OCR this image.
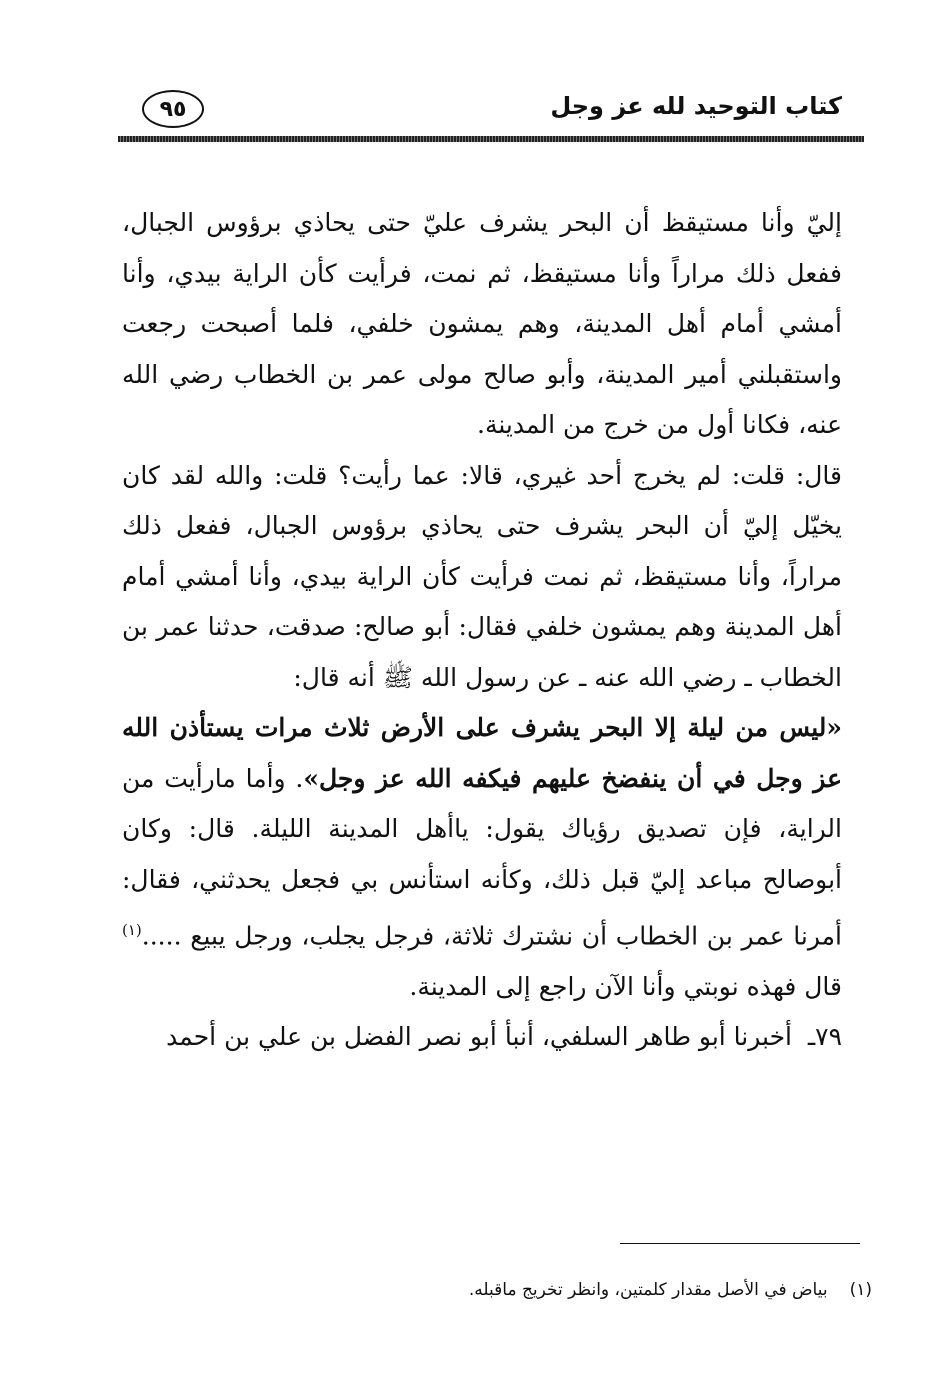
كتاب التوحيد لله عز وجل
٩٥

إليّ وأنا مستيقظ أن البحر يشرف عليّ حتى يحاذي برؤوس الجبال، ففعل ذلك مراراً وأنا مستيقظ، ثم نمت، فرأيت كأن الراية بيدي، وأنا أمشي أمام أهل المدينة، وهم يمشون خلفي، فلما أصبحت رجعت واستقبلني أمير المدينة، وأبو صالح مولى عمر بن الخطاب رضي الله عنه، فكانا أول من خرج من المدينة.

قال: قلت: لم يخرج أحد غيري، قالا: عما رأيت؟ قلت: والله لقد كان يخيّل إليّ أن البحر يشرف حتى يحاذي برؤوس الجبال، ففعل ذلك مراراً، وأنا مستيقظ، ثم نمت فرأيت كأن الراية بيدي، وأنا أمشي أمام أهل المدينة وهم يمشون خلفي فقال: أبو صالح: صدقت، حدثنا عمر بن الخطاب ـ رضي الله عنه ـ عن رسول الله ﷺ أنه قال:

«ليس من ليلة إلا البحر يشرف على الأرض ثلاث مرات يستأذن الله عز وجل في أن ينفضخ عليهم فيكفه الله عز وجل». وأما مارأيت من الراية، فإن تصديق رؤياك يقول: ياأهل المدينة الليلة. قال: وكان أبوصالح مباعد إليّ قبل ذلك، وكأنه استأنس بي فجعل يحدثني، فقال: أمرنا عمر بن الخطاب أن نشترك ثلاثة، فرجل يجلب، ورجل يبيع .....$^{(١)}$ قال فهذه نوبتي وأنا الآن راجع إلى المدينة.

٧٩ـ
أخبرنا أبو طاهر السلفي، أنبأ أبو نصر الفضل بن علي بن أحمد
(١)بياض في الأصل مقدار كلمتين، وانظر تخريج ماقبله.
